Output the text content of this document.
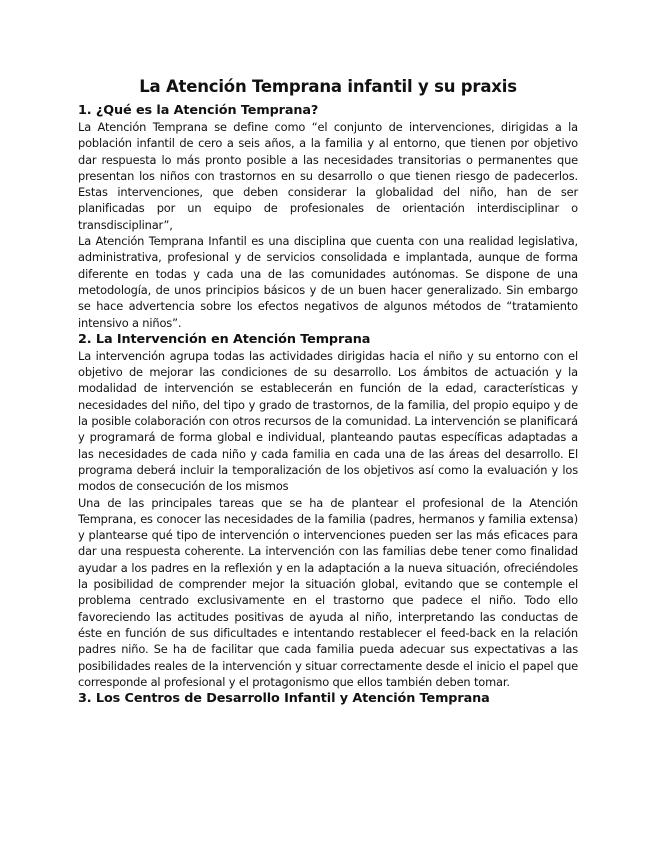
La Atención Temprana infantil y su praxis
1. ¿Qué es la Atención Temprana?

La Atención Temprana se define como “el conjunto de intervenciones, dirigidas a la población infantil de cero a seis años, a la familia y al entorno, que tienen por objetivo dar respuesta lo más pronto posible a las necesidades transitorias o permanentes que presentan los niños con trastornos en su desarrollo o que tienen riesgo de padecerlos. Estas intervenciones, que deben considerar la globalidad del niño, han de ser planificadas por un equipo de profesionales de orientación interdisciplinar o transdisciplinar”,

La Atención Temprana Infantil es una disciplina que cuenta con una realidad legislativa, administrativa, profesional y de servicios consolidada e implantada, aunque de forma diferente en todas y cada una de las comunidades autónomas. Se dispone de una metodología, de unos principios básicos y de un buen hacer generalizado. Sin embargo se hace advertencia sobre los efectos negativos de algunos métodos de “tratamiento intensivo a niños”.

2. La Intervención en Atención Temprana

La intervención agrupa todas las actividades dirigidas hacia el niño y su entorno con el objetivo de mejorar las condiciones de su desarrollo. Los ámbitos de actuación y la modalidad de intervención se establecerán en función de la edad, características y necesidades del niño, del tipo y grado de trastornos, de la familia, del propio equipo y de la posible colaboración con otros recursos de la comunidad. La intervención se planificará y programará de forma global e individual, planteando pautas específicas adaptadas a las necesidades de cada niño y cada familia en cada una de las áreas del desarrollo. El programa deberá incluir la temporalización de los objetivos así como la evaluación y los modos de consecución de los mismos

Una de las principales tareas que se ha de plantear el profesional de la Atención Temprana, es conocer las necesidades de la familia (padres, hermanos y familia extensa) y plantearse qué tipo de intervención o intervenciones pueden ser las más eficaces para dar una respuesta coherente. La intervención con las familias debe tener como finalidad ayudar a los padres en la reflexión y en la adaptación a la nueva situación, ofreciéndoles la posibilidad de comprender mejor la situación global, evitando que se contemple el problema centrado exclusivamente en el trastorno que padece el niño. Todo ello favoreciendo las actitudes positivas de ayuda al niño, interpretando las conductas de éste en función de sus dificultades e intentando restablecer el feed-back en la relación padres niño. Se ha de facilitar que cada familia pueda adecuar sus expectativas a las posibilidades reales de la intervención y situar correctamente desde el inicio el papel que corresponde al profesional y el protagonismo que ellos también deben tomar.

3. Los Centros de Desarrollo Infantil y Atención Temprana
